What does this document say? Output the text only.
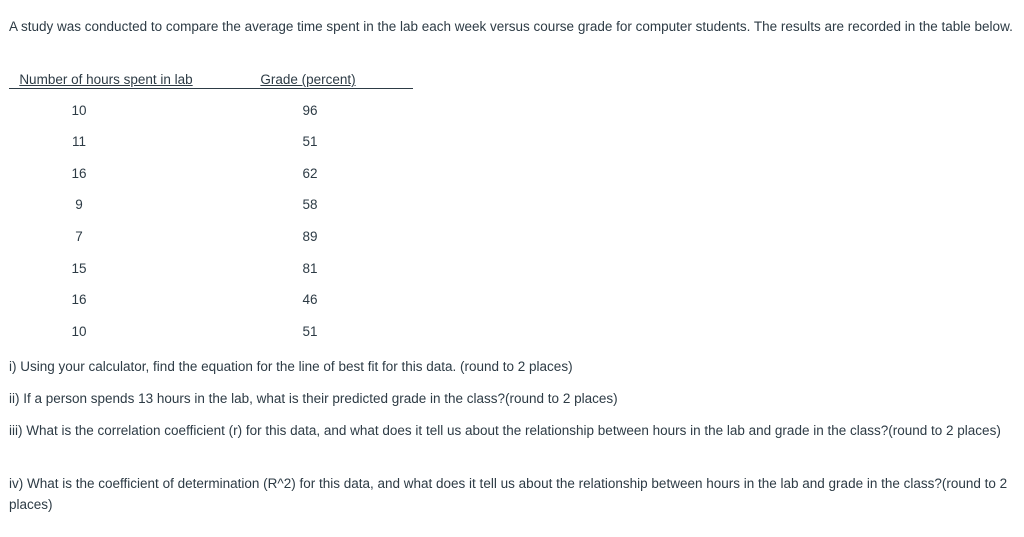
A study was conducted to compare the average time spent in the lab each week versus course grade for computer students. The results are recorded in the table below.

Number of hours spent in lab	Grade (percent)
10	96
11	51
16	62
9	58
7	89
15	81
16	46
10	51

i) Using your calculator, find the equation for the line of best fit for this data. (round to 2 places)

ii) If a person spends 13 hours in the lab, what is their predicted grade in the class?(round to 2 places)

iii) What is the correlation coefficient (r) for this data, and what does it tell us about the relationship between hours in the lab and grade in the class?(round to 2 places)

iv) What is the coefficient of determination (R^2) for this data, and what does it tell us about the relationship between hours in the lab and grade in the class?(round to 2 places)
